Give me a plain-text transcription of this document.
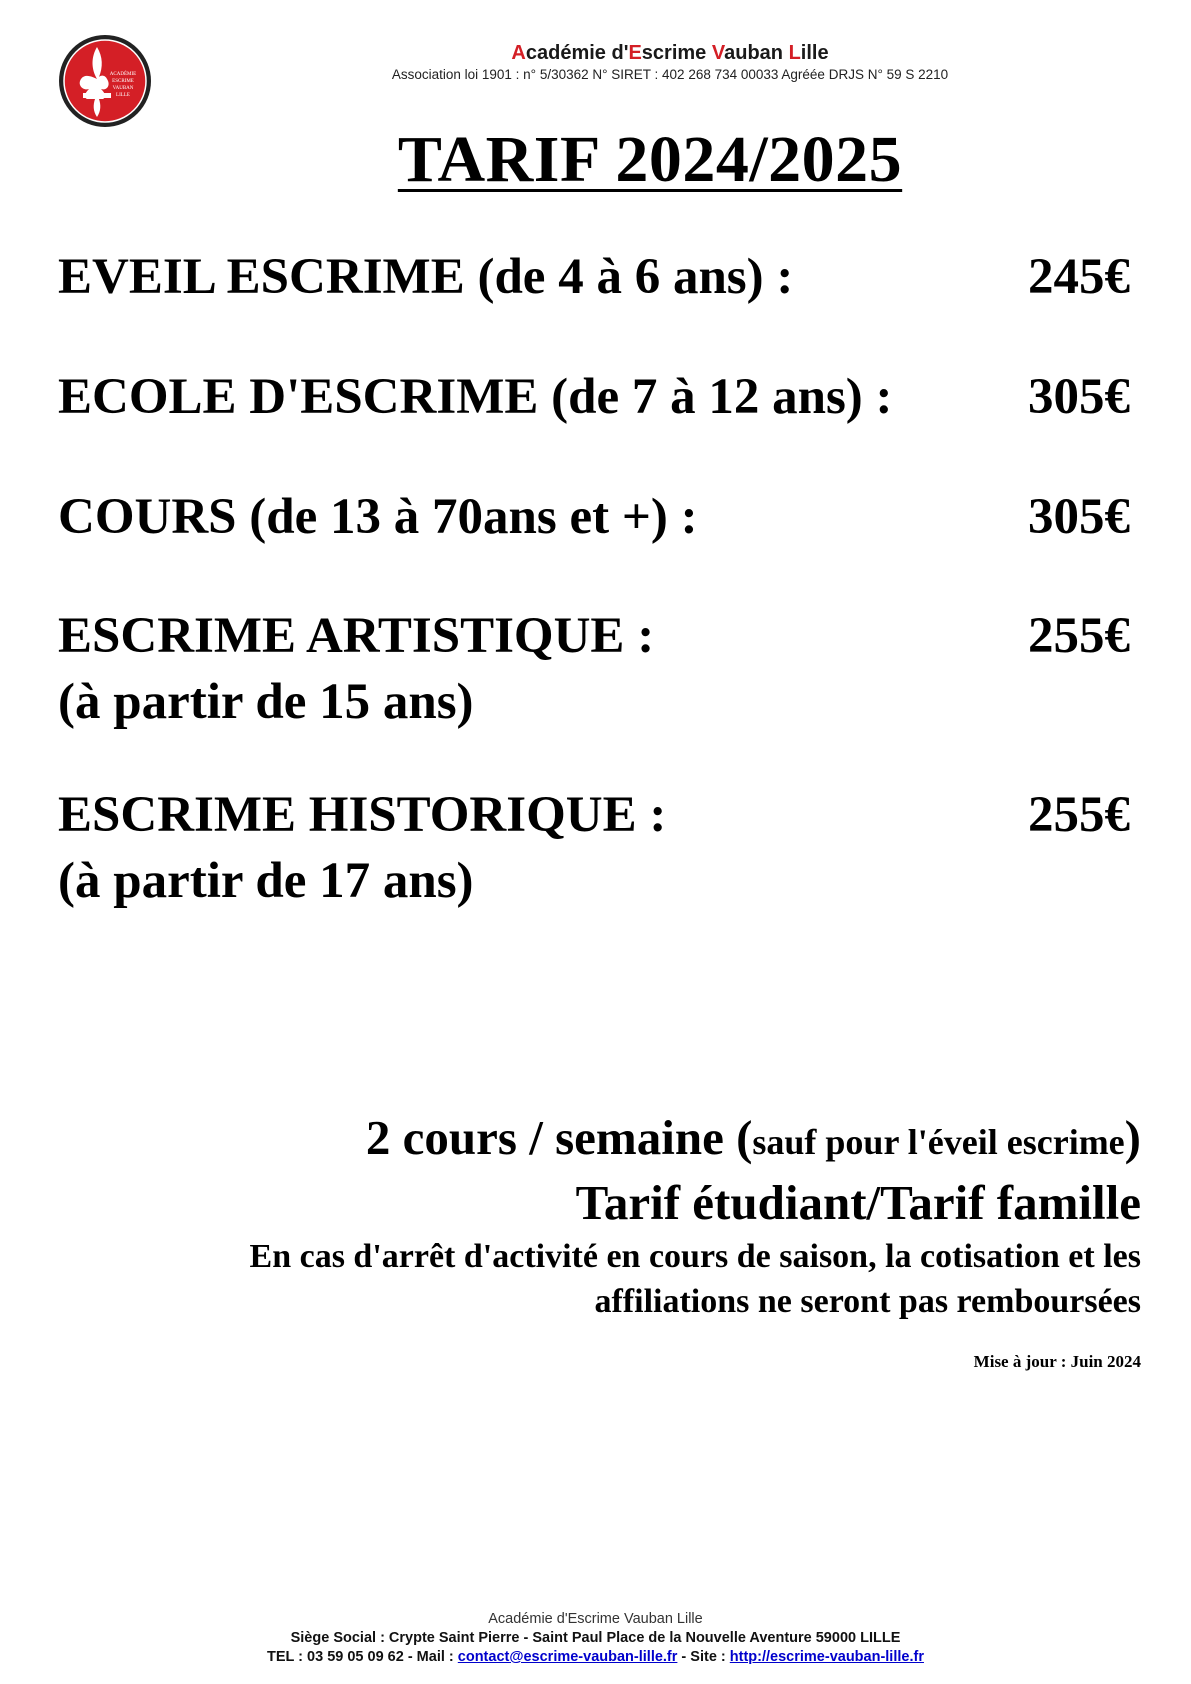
ACADÉMIE
ESCRIME
VAUBAN
LILLE
Académie d'Escrime Vauban Lille
Association loi 1901 : n° 5/30362 N° SIRET : 402 268 734 00033 Agréée DRJS N° 59 S 2210
TARIF 2024/2025
EVEIL ESCRIME (de 4 à 6 ans) :	245€
ECOLE D'ESCRIME (de 7 à 12 ans) :	305€
COURS (de 13 à 70ans et +) :	305€
ESCRIME ARTISTIQUE :	255€
(à partir de 15 ans)
ESCRIME HISTORIQUE :	255€
(à partir de 17 ans)
2 cours / semaine (sauf pour l'éveil escrime)
Tarif étudiant/Tarif famille
En cas d'arrêt d'activité en cours de saison, la cotisation et les
affiliations ne seront pas remboursées
Mise à jour : Juin 2024
Académie d'Escrime Vauban Lille
Siège Social : Crypte Saint Pierre - Saint Paul Place de la Nouvelle Aventure 59000 LILLE
TEL : 03 59 05 09 62 - Mail : contact@escrime-vauban-lille.fr - Site : http://escrime-vauban-lille.fr
